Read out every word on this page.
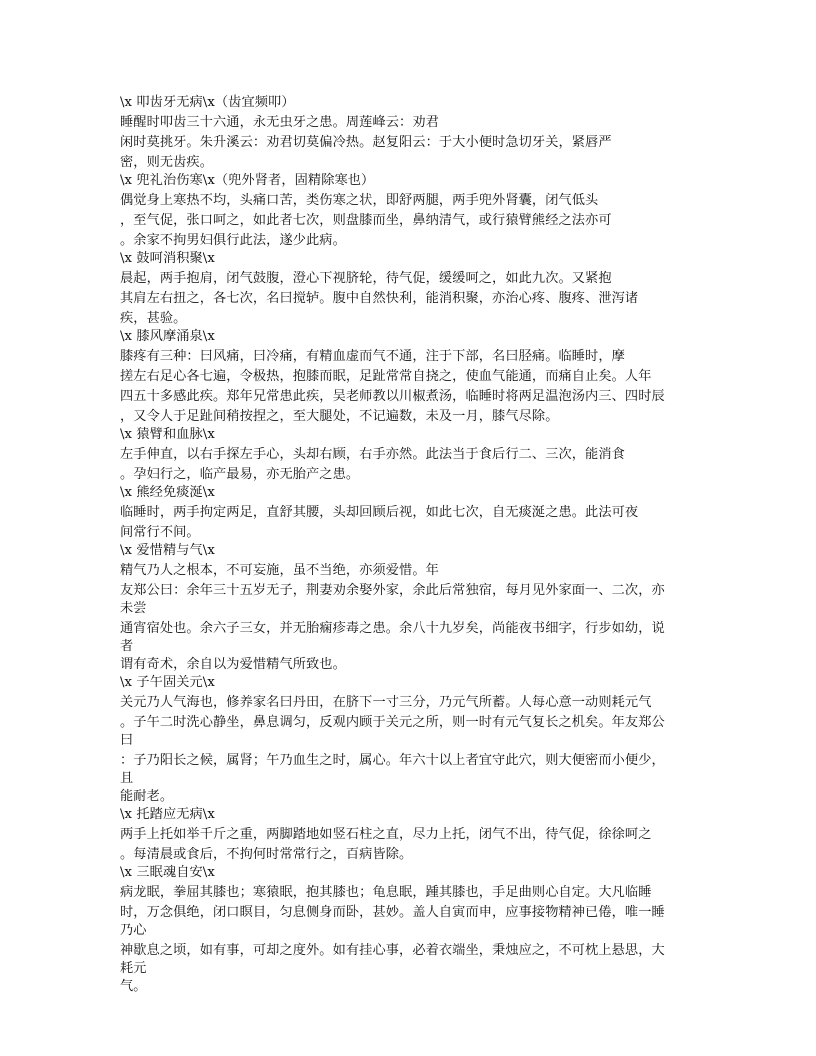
\x 叩齿牙无病\x（齿宜频叩）
睡醒时叩齿三十六通，永无虫牙之患。周莲峰云：劝君
闲时莫挑牙。朱升溪云：劝君切莫偏冷热。赵复阳云：于大小便时急切牙关，紧唇严
密，则无齿疾。
\x 兜礼治伤寒\x（兜外肾者，固精除寒也）
偶觉身上寒热不均，头痛口苦，类伤寒之状，即舒两腿，两手兜外肾囊，闭气低头
，至气促，张口呵之，如此者七次，则盘膝而坐，鼻纳清气，或行猿臂熊经之法亦可
。余家不拘男妇俱行此法，遂少此病。
\x 鼓呵消积聚\x
晨起，两手抱肩，闭气鼓腹，澄心下视脐轮，待气促，缓缓呵之，如此九次。又紧抱
其肩左右扭之，各七次，名曰搅轳。腹中自然快利，能消积聚，亦治心疼、腹疼、泄泻诸
疾，甚验。
\x 膝风摩涌泉\x
膝疼有三种：曰风痛，曰冷痛，有精血虚而气不通，注于下部，名曰胫痛。临睡时，摩
搓左右足心各七遍，令极热，抱膝而眠，足趾常常自挠之，使血气能通，而痛自止矣。人年
四五十多感此疾。郑年兄常患此疾，吴老师教以川椒煮汤，临睡时将两足温泡汤内三、四时辰
，又令人于足趾间稍按捏之，至大腿处，不记遍数，未及一月，膝气尽除。
\x 猿臂和血脉\x
左手伸直，以右手探左手心，头却右顾，右手亦然。此法当于食后行二、三次，能消食
。孕妇行之，临产最易，亦无胎产之患。
\x 熊经免痰涎\x
临睡时，两手拘定两足，直舒其腰，头却回顾后视，如此七次，自无痰涎之患。此法可夜
间常行不间。
\x 爱惜精与气\x
精气乃人之根本，不可妄施，虽不当绝，亦须爱惜。年
友郑公曰：余年三十五岁无子，荆妻劝余娶外家，余此后常独宿，每月见外家面一、二次，亦
未尝
通宵宿处也。余六子三女，并无胎痫疹毒之患。余八十九岁矣，尚能夜书细字，行步如幼，说
者
谓有奇术，余自以为爱惜精气所致也。
\x 子午固关元\x
关元乃人气海也，修养家名曰丹田，在脐下一寸三分，乃元气所蓄。人每心意一动则耗元气
。子午二时洗心静坐，鼻息调匀，反观内顾于关元之所，则一时有元气复长之机矣。年友郑公
曰
：子乃阳长之候，属肾；午乃血生之时，属心。年六十以上者宜守此穴，则大便密而小便少，
且
能耐老。
\x 托踏应无病\x
两手上托如举千斤之重，两脚踏地如竖石柱之直，尽力上托，闭气不出，待气促，徐徐呵之
。每清晨或食后，不拘何时常常行之，百病皆除。
\x 三眠魂自安\x
病龙眠，拳屈其膝也；寒猿眠，抱其膝也；龟息眠，踵其膝也，手足曲则心自定。大凡临睡
时，万念俱绝，闭口瞑目，匀息侧身而卧，甚妙。盖人自寅而申，应事接物精神已倦，唯一睡
乃心
神歇息之顷，如有事，可却之度外。如有挂心事，必着衣端坐，秉烛应之，不可枕上悬思，大
耗元
气。
